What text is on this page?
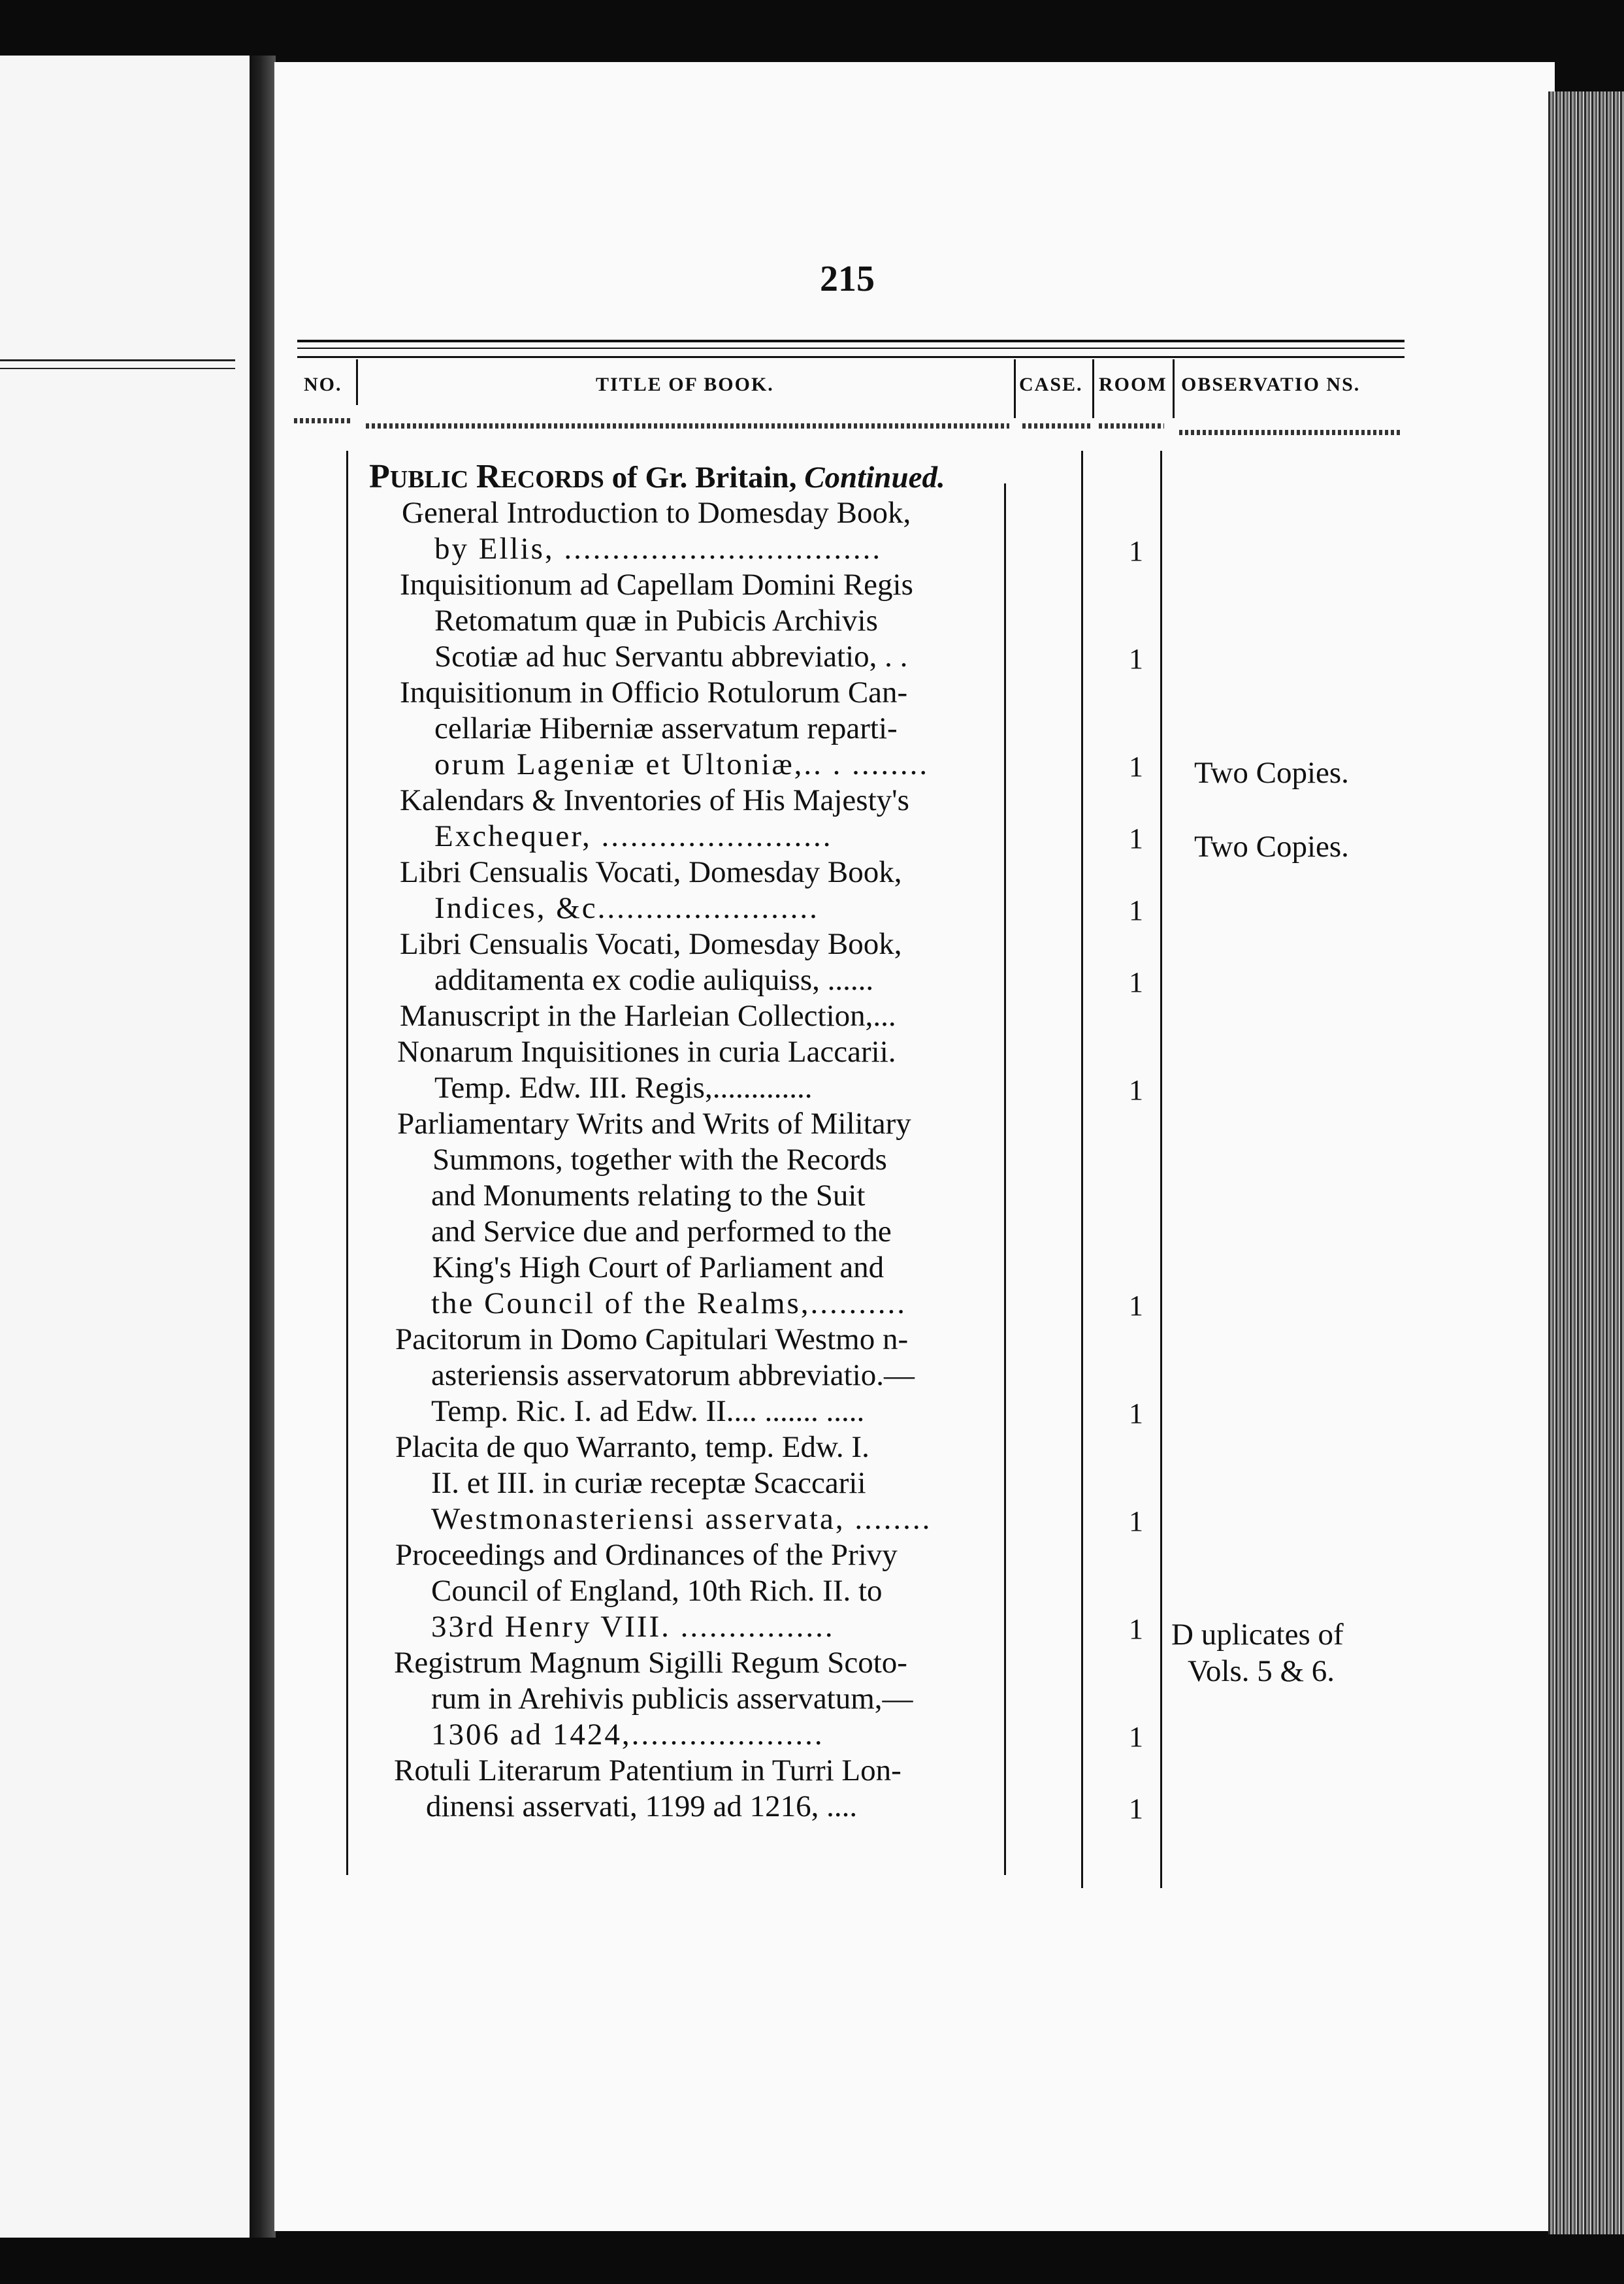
215
NO.	TITLE OF BOOK.	CASE. ROOM OBSERVATIO NS.
PUBLIC RECORDS of Gr. Britain, Continued.
General Introduction to Domesday Book,
by Ellis, .................................
Inquisitionum ad Capellam Domini Regis
Retomatum quæ in Pubicis Archivis
Scotiæ ad huc Servantu abbreviatio, . .
Inquisitionum in Officio Rotulorum Can-
cellariæ Hiberniæ asservatum reparti-
orum Lageniæ et Ultoniæ,.. . ........
Kalendars & Inventories of His Majesty's
Exchequer, ........................
Libri Censualis Vocati, Domesday Book,
Indices, &c.......................
Libri Censualis Vocati, Domesday Book,
additamenta ex codie auliquiss, ......
Manuscript in the Harleian Collection,...
Nonarum Inquisitiones in curia Laccarii.
Temp. Edw. III. Regis,.............
Parliamentary Writs and Writs of Military
Summons, together with the Records
and Monuments relating to the Suit
and Service due and performed to the
King's High Court of Parliament and
the Council of the Realms,..........
Pacitorum in Domo Capitulari Westmo n-
asteriensis asservatorum abbreviatio.—
Temp. Ric. I. ad Edw. II.... ....... .....
Placita de quo Warranto, temp. Edw. I.
II. et III. in curiæ receptæ Scaccarii
Westmonasteriensi asservata, ........
Proceedings and Ordinances of the Privy
Council of England, 10th Rich. II. to
33rd Henry VIII. ................
Registrum Magnum Sigilli Regum Scoto-
rum in Arehivis publicis asservatum,—
1306 ad 1424,....................
Rotuli Literarum Patentium in Turri Lon-
dinensi asservati, 1199 ad 1216, ....
1
1
1
1
1
1
1
1
1
1
1
1
1
Two Copies.
Two Copies.
D uplicates of
Vols. 5 & 6.
